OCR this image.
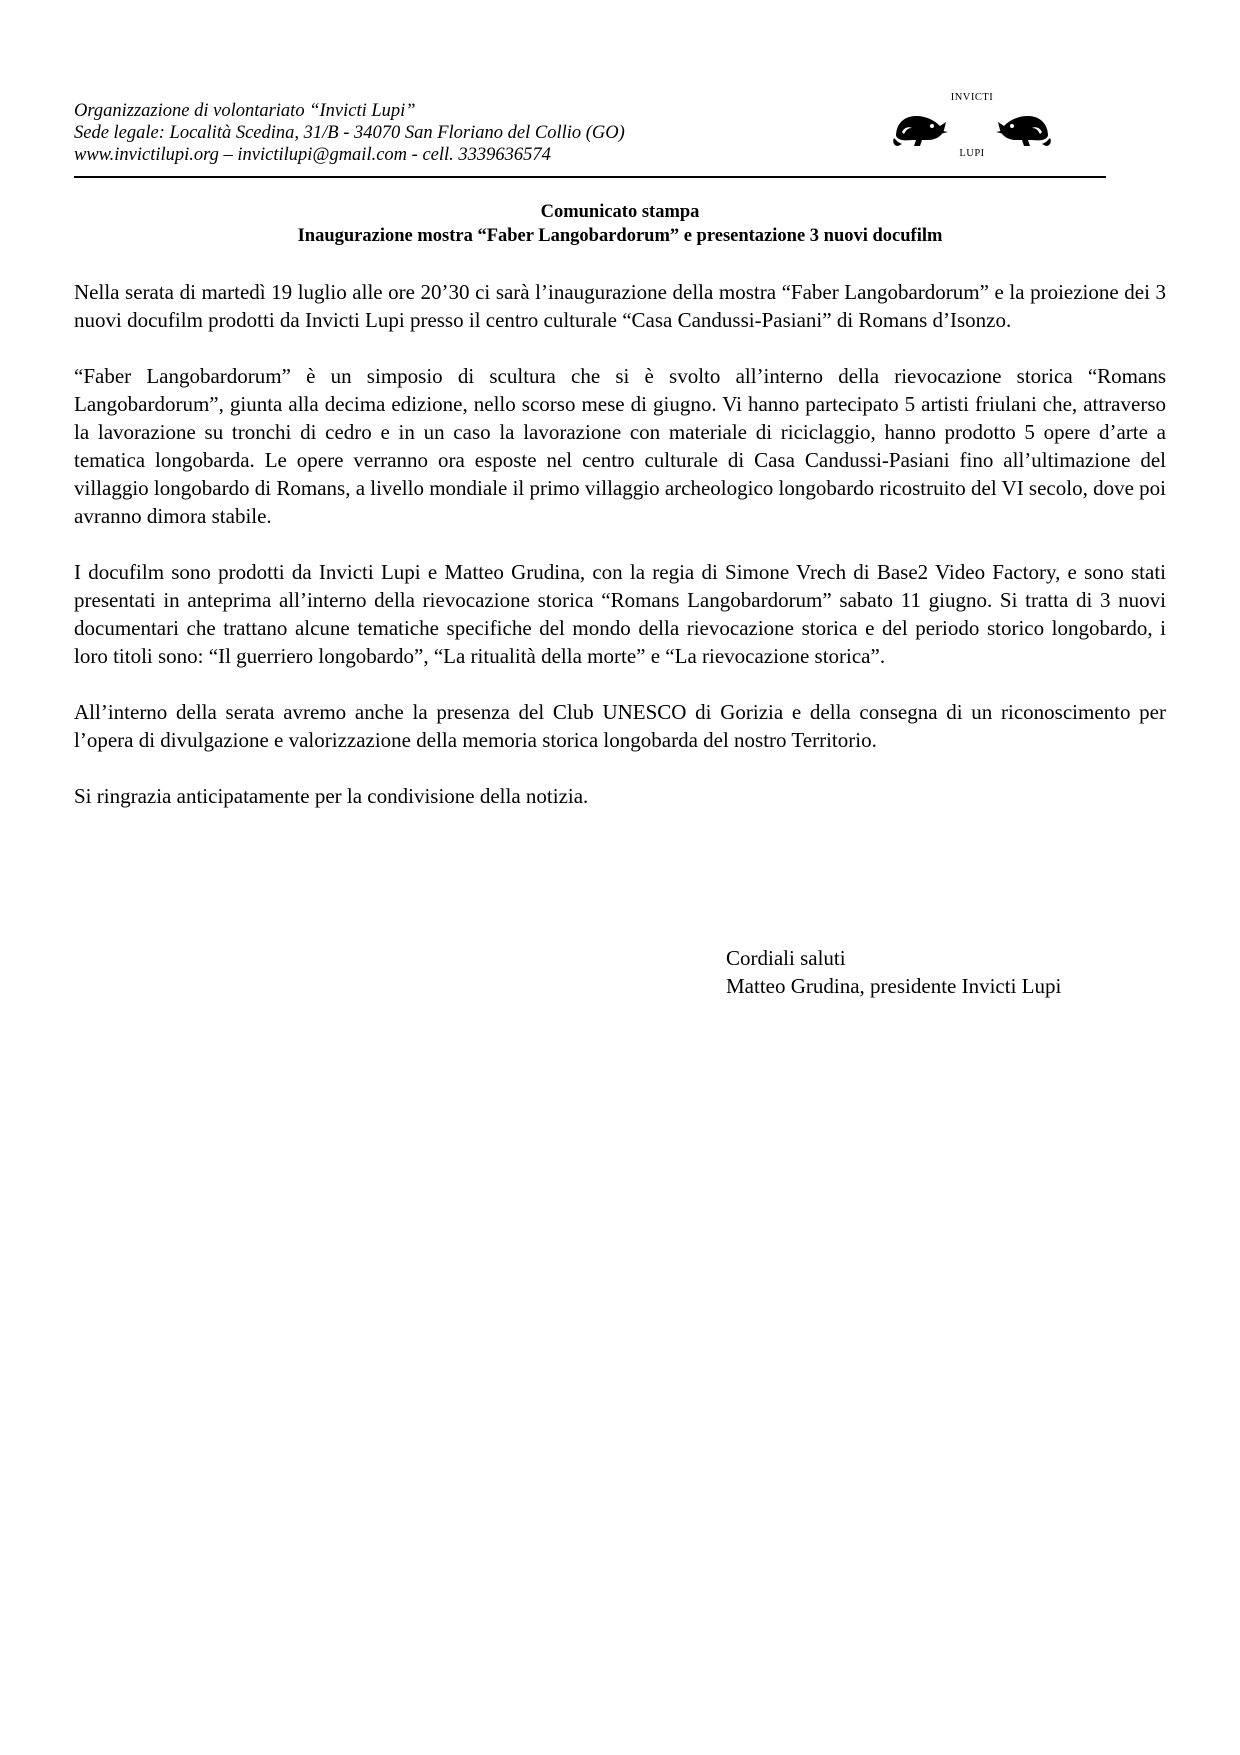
Organizzazione di volontariato “Invicti Lupi”
Sede legale: Località Scedina, 31/B - 34070 San Floriano del Collio (GO)
www.invictilupi.org – invictilupi@gmail.com - cell. 3339636574
INVICTI
LUPI
Comunicato stampa
Inaugurazione mostra “Faber Langobardorum” e presentazione 3 nuovi docufilm

Nella serata di martedì 19 luglio alle ore 20’30 ci sarà l’inaugurazione della mostra “Faber Langobardorum” e la proiezione dei 3 nuovi docufilm prodotti da Invicti Lupi presso il centro culturale “Casa Candussi-Pasiani” di Romans d’Isonzo.

“Faber Langobardorum” è un simposio di scultura che si è svolto all’interno della rievocazione storica “Romans Langobardorum”, giunta alla decima edizione, nello scorso mese di giugno. Vi hanno partecipato 5 artisti friulani che, attraverso la lavorazione su tronchi di cedro e in un caso la lavorazione con materiale di riciclaggio, hanno prodotto 5 opere d’arte a tematica longobarda. Le opere verranno ora esposte nel centro culturale di Casa Candussi-Pasiani fino all’ultimazione del villaggio longobardo di Romans, a livello mondiale il primo villaggio archeologico longobardo ricostruito del VI secolo, dove poi avranno dimora stabile.

I docufilm sono prodotti da Invicti Lupi e Matteo Grudina, con la regia di Simone Vrech di Base2 Video Factory, e sono stati presentati in anteprima all’interno della rievocazione storica “Romans Langobardorum” sabato 11 giugno. Si tratta di 3 nuovi documentari che trattano alcune tematiche specifiche del mondo della rievocazione storica e del periodo storico longobardo, i loro titoli sono: “Il guerriero longobardo”, “La ritualità della morte” e “La rievocazione storica”.

All’interno della serata avremo anche la presenza del Club UNESCO di Gorizia e della consegna di un riconoscimento per l’opera di divulgazione e valorizzazione della memoria storica longobarda del nostro Territorio.

Si ringrazia anticipatamente per la condivisione della notizia.

Cordiali saluti
Matteo Grudina, presidente Invicti Lupi
